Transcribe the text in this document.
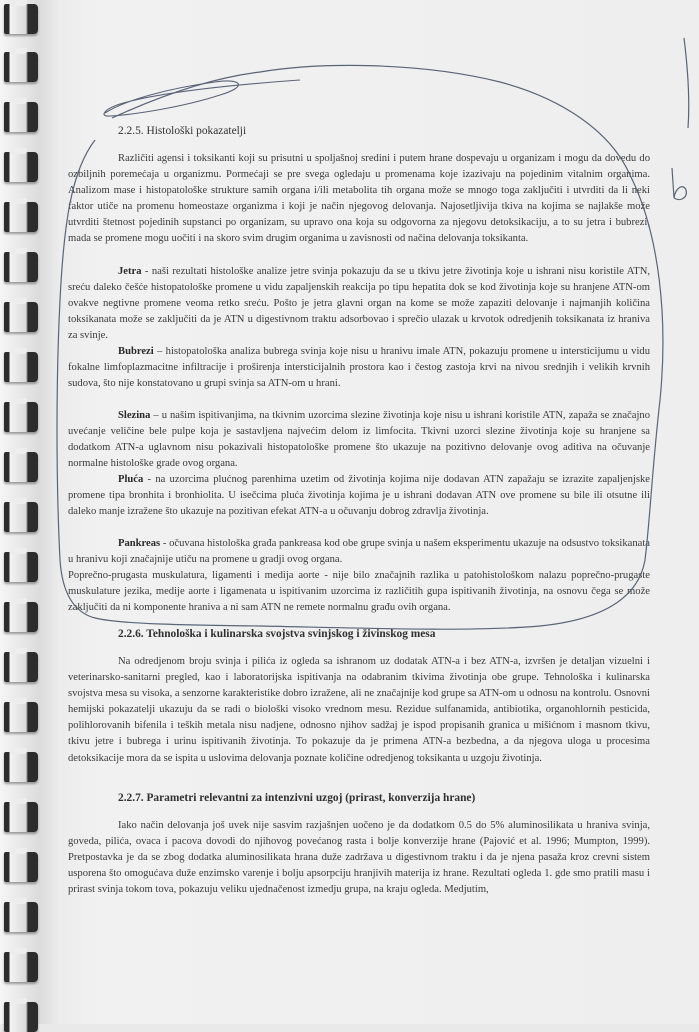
2.2.5. Histološki pokazatelji

Različiti agensi i toksikanti koji su prisutni u spoljašnoj sredini i putem hrane dospevaju u organizam i mogu da dovedu do ozbiljnih poremećaja u organizmu. Pormećaji se pre svega ogledaju u promenama koje izazivaju na pojedinim vitalnim organima. Analizom mase i histopatološke strukture samih organa i/ili metabolita tih organa može se mnogo toga zaključiti i utvrditi da li neki faktor utiče na promenu homeostaze organizma i koji je način njegovog delovanja. Najosetljivija tkiva na kojima se najlakše može utvrditi štetnost pojedinih supstanci po organizam, su upravo ona koja su odgovorna za njegovu detoksikaciju, a to su jetra i bubrezi, mada se promene mogu uočiti i na skoro svim drugim organima u zavisnosti od načina delovanja toksikanta.

Jetra - naši rezultati histološke analize jetre svinja pokazuju da se u tkivu jetre životinja koje u ishrani nisu koristile ATN, sreću daleko češće histopatološke promene u vidu zapaljenskih reakcija po tipu hepatita dok se kod životinja koje su hranjene ATN-om ovakve negtivne promene veoma retko sreću. Pošto je jetra glavni organ na kome se može zapaziti delovanje i najmanjih količina toksikanata može se zaključiti da je ATN u digestivnom traktu adsorbovao i sprečio ulazak u krvotok odredjenih toksikanata iz hraniva za svinje.

Bubrezi – histopatološka analiza bubrega svinja koje nisu u hranivu imale ATN, pokazuju promene u intersticijumu u vidu fokalne limfoplazmacitne infiltracije i proširenja intersticijalnih prostora kao i čestog zastoja krvi na nivou srednjih i velikih krvnih sudova, što nije konstatovano u grupi svinja sa ATN-om u hrani.

Slezina – u našim ispitivanjima, na tkivnim uzorcima slezine životinja koje nisu u ishrani koristile ATN, zapaža se značajno uvećanje veličine bele pulpe koja je sastavljena najvećim delom iz limfocita. Tkivni uzorci slezine životinja koje su hranjene sa dodatkom ATN-a uglavnom nisu pokazivali histopatološke promene što ukazuje na pozitivno delovanje ovog aditiva na očuvanje normalne histološke grade ovog organa.

Pluća - na uzorcima plućnog parenhima uzetim od životinja kojima nije dodavan ATN zapažaju se izrazite zapaljenjske promene tipa bronhita i bronhiolita. U isečcima pluća životinja kojima je u ishrani dodavan ATN ove promene su bile ili otsutne ili daleko manje izražene što ukazuje na pozitivan efekat ATN-a u očuvanju dobrog zdravlja životinja.

Pankreas - očuvana histološka građa pankreasa kod obe grupe svinja u našem eksperimentu ukazuje na odsustvo toksikanata u hranivu koji značajnije utiču na promene u gradji ovog organa.

Poprečno-prugasta muskulatura, ligamenti i medija aorte - nije bilo značajnih razlika u patohistološkom nalazu poprečno-prugaste muskulature jezika, medije aorte i ligamenata u ispitivanim uzorcima iz različitih gupa ispitivanih životinja, na osnovu čega se može zaključiti da ni komponente hraniva a ni sam ATN ne remete normalnu građu ovih organa.

2.2.6. Tehnološka i kulinarska svojstva svinjskog i živinskog mesa

Na odredjenom broju svinja i pilića iz ogleda sa ishranom uz dodatak ATN-a i bez ATN-a, izvršen je detaljan vizuelni i veterinarsko-sanitarni pregled, kao i laboratorijska ispitivanja na odabranim tkivima životinja obe grupe. Tehnološka i kulinarska svojstva mesa su visoka, a senzorne karakteristike dobro izražene, ali ne značajnije kod grupe sa ATN-om u odnosu na kontrolu. Osnovni hemijski pokazatelji ukazuju da se radi o biološki visoko vrednom mesu. Rezidue sulfanamida, antibiotika, organohlornih pesticida, polihlorovanih bifenila i teških metala nisu nadjene, odnosno njihov sadžaj je ispod propisanih granica u mišićnom i masnom tkivu, tkivu jetre i bubrega i urinu ispitivanih životinja. To pokazuje da je primena ATN-a bezbedna, a da njegova uloga u procesima detoksikacije mora da se ispita u uslovima delovanja poznate količine odredjenog toksikanta u uzgoju životinja.

2.2.7. Parametri relevantni za intenzivni uzgoj (prirast, konverzija hrane)

Iako način delovanja još uvek nije sasvim razjašnjen uočeno je da dodatkom 0.5 do 5% aluminosilikata u hraniva svinja, goveda, pilića, ovaca i pacova dovodi do njihovog povećanog rasta i bolje konverzije hrane (Pajović et al. 1996; Mumpton, 1999). Pretpostavka je da se zbog dodatka aluminosilikata hrana duže zadržava u digestivnom traktu i da je njena pasaža kroz crevni sistem usporena što omogućava duže enzimsko varenje i bolju apsorpciju hranjivih materija iz hrane. Rezultati ogleda 1. gde smo pratili masu i prirast svinja tokom tova, pokazuju veliku ujednačenost izmedju grupa, na kraju ogleda. Medjutim,
